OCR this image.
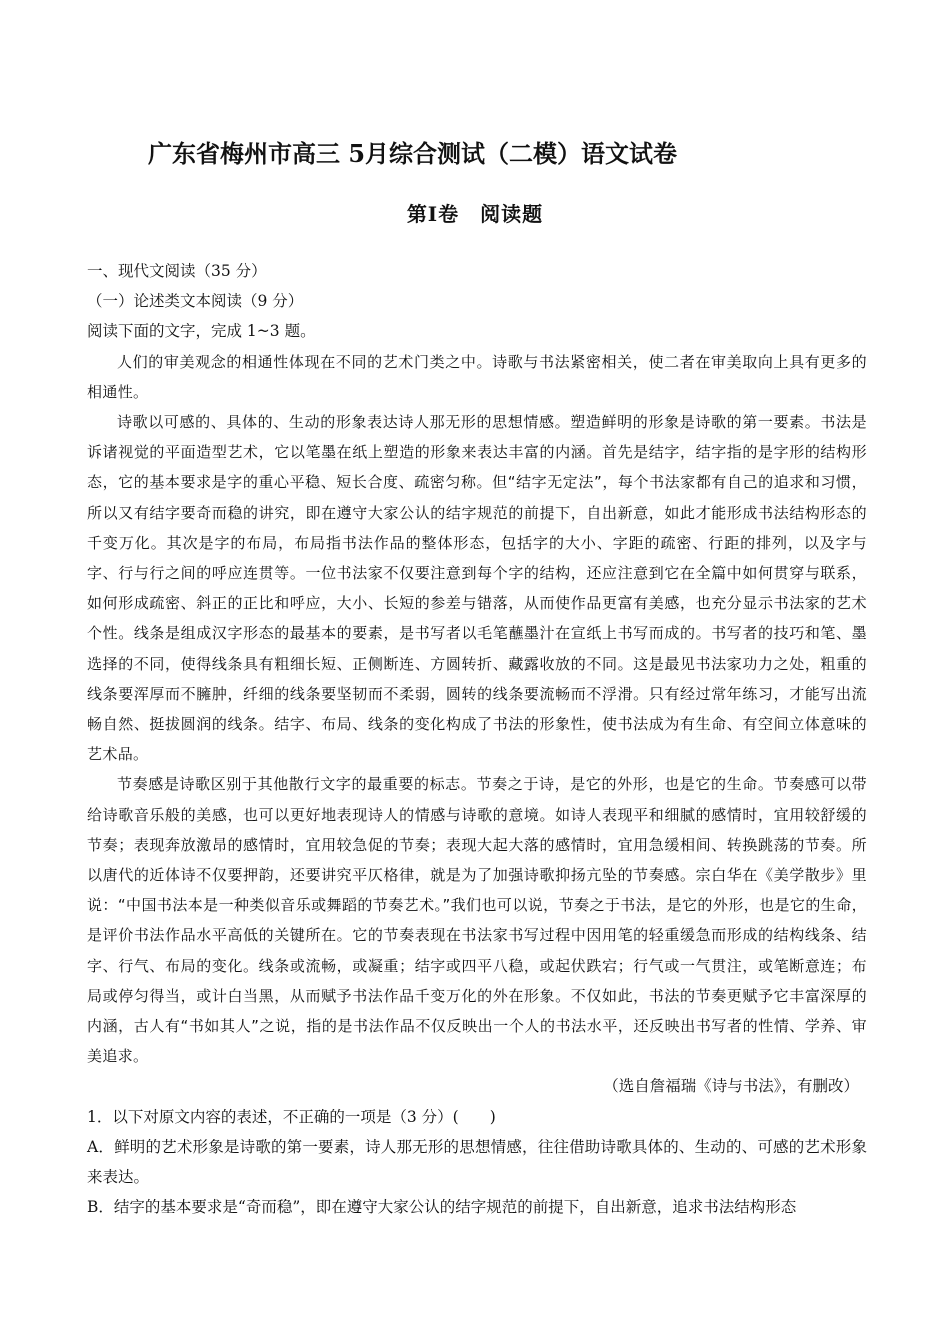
广东省梅州市高三 5月综合测试（二模）语文试卷
第Ⅰ卷　阅读题

一、现代文阅读（35 分）

（一）论述类文本阅读（9 分）

阅读下面的文字，完成 1~3 题。

人们的审美观念的相通性体现在不同的艺术门类之中。诗歌与书法紧密相关，使二者在审美取向上具有更多的相通性。

诗歌以可感的、具体的、生动的形象表达诗人那无形的思想情感。塑造鲜明的形象是诗歌的第一要素。书法是诉诸视觉的平面造型艺术，它以笔墨在纸上塑造的形象来表达丰富的内涵。首先是结字，结字指的是字形的结构形态，它的基本要求是字的重心平稳、短长合度、疏密匀称。但“结字无定法”，每个书法家都有自己的追求和习惯，所以又有结字要奇而稳的讲究，即在遵守大家公认的结字规范的前提下，自出新意，如此才能形成书法结构形态的千变万化。其次是字的布局，布局指书法作品的整体形态，包括字的大小、字距的疏密、行距的排列，以及字与字、行与行之间的呼应连贯等。一位书法家不仅要注意到每个字的结构，还应注意到它在全篇中如何贯穿与联系，如何形成疏密、斜正的正比和呼应，大小、长短的参差与错落，从而使作品更富有美感，也充分显示书法家的艺术个性。线条是组成汉字形态的最基本的要素，是书写者以毛笔蘸墨汁在宣纸上书写而成的。书写者的技巧和笔、墨选择的不同，使得线条具有粗细长短、正侧断连、方圆转折、藏露收放的不同。这是最见书法家功力之处，粗重的线条要浑厚而不臃肿，纤细的线条要坚韧而不柔弱，圆转的线条要流畅而不浮滑。只有经过常年练习，才能写出流畅自然、挺拔圆润的线条。结字、布局、线条的变化构成了书法的形象性，使书法成为有生命、有空间立体意味的艺术品。

节奏感是诗歌区别于其他散行文字的最重要的标志。节奏之于诗，是它的外形，也是它的生命。节奏感可以带给诗歌音乐般的美感，也可以更好地表现诗人的情感与诗歌的意境。如诗人表现平和细腻的感情时，宜用较舒缓的节奏；表现奔放激昂的感情时，宜用较急促的节奏；表现大起大落的感情时，宜用急缓相间、转换跳荡的节奏。所以唐代的近体诗不仅要押韵，还要讲究平仄格律，就是为了加强诗歌抑扬亢坠的节奏感。宗白华在《美学散步》里说：“中国书法本是一种类似音乐或舞蹈的节奏艺术。”我们也可以说，节奏之于书法，是它的外形，也是它的生命，是评价书法作品水平高低的关键所在。它的节奏表现在书法家书写过程中因用笔的轻重缓急而形成的结构线条、结字、行气、布局的变化。线条或流畅，或凝重；结字或四平八稳，或起伏跌宕；行气或一气贯注，或笔断意连；布局或停匀得当，或计白当黑，从而赋予书法作品千变万化的外在形象。不仅如此，书法的节奏更赋予它丰富深厚的内涵，古人有“书如其人”之说，指的是书法作品不仅反映出一个人的书法水平，还反映出书写者的性情、学养、审美追求。

（选自詹福瑞《诗与书法》，有删改）

1．以下对原文内容的表述，不正确的一项是（3 分）(　　)

A．鲜明的艺术形象是诗歌的第一要素，诗人那无形的思想情感，往往借助诗歌具体的、生动的、可感的艺术形象来表达。

B．结字的基本要求是“奇而稳”，即在遵守大家公认的结字规范的前提下，自出新意，追求书法结构形态
